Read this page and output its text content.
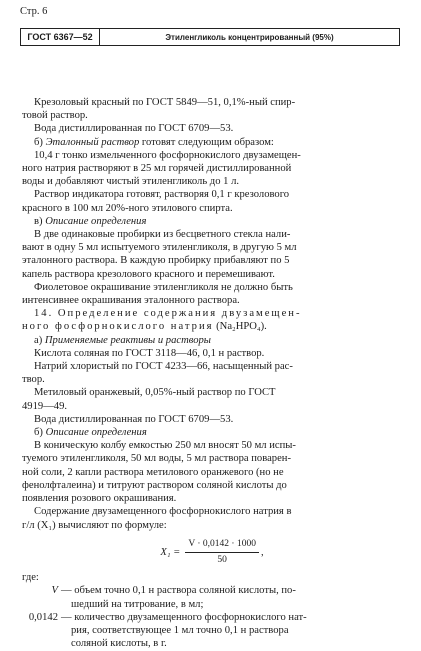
Стр. 6
ГОСТ 6367—52	Этиленгликоль концентрированный (95%)

Крезоловый красный по ГОСТ 5849—51, 0,1%-ный спир-

товой раствор.

Вода дистиллированная по ГОСТ 6709—53.

б) Эталонный раствор готовят следующим образом:

10,4 г тонко измельченного фосфорнокислого двузамещен-

ного натрия растворяют в 25 мл горячей дистиллированной

воды и добавляют чистый этиленгликоль до 1 л.

Раствор индикатора готовят, растворяя 0,1 г крезолового

красного в 100 мл 20%-ного этилового спирта.

в) Описание определения

В две одинаковые пробирки из бесцветного стекла нали-

вают в одну 5 мл испытуемого этиленгликоля, в другую 5 мл

эталонного раствора. В каждую пробирку прибавляют по 5

капель раствора крезолового красного и перемешивают.

Фиолетовое окрашивание этиленгликоля не должно быть

интенсивнее окрашивания эталонного раствора.

14. Определение содержания двузамещен-

ного фосфорнокислого натрия (Na₂HPO₄).

а) Применяемые реактивы и растворы

Кислота соляная по ГОСТ 3118—46, 0,1 н раствор.

Натрий хлористый по ГОСТ 4233—66, насыщенный рас-

твор.

Метиловый оранжевый, 0,05%-ный раствор по ГОСТ

4919—49.

Вода дистиллированная по ГОСТ 6709—53.

б) Описание определения

В коническую колбу емкостью 250 мл вносят 50 мл испы-

туемого этиленгликоля, 50 мл воды, 5 мл раствора поварен-

ной соли, 2 капли раствора метилового оранжевого (но не

фенолфталеина) и титруют раствором соляной кислоты до

появления розового окрашивания.

Содержание двузамещенного фосфорнокислого натрия в

г/л (X₁) вычисляют по формуле:

$X_1 = \frac{V \cdot 0,0142 \cdot 1000}{50}$ ,

где:

V — объем точно 0,1 н раствора соляной кислоты, по-
шедший на титрование, в мл;
0,0142 — количество двузамещенного фосфорнокислого нат-
рия, соответствующее 1 мл точно 0,1 н раствора
соляной кислоты, в г.
